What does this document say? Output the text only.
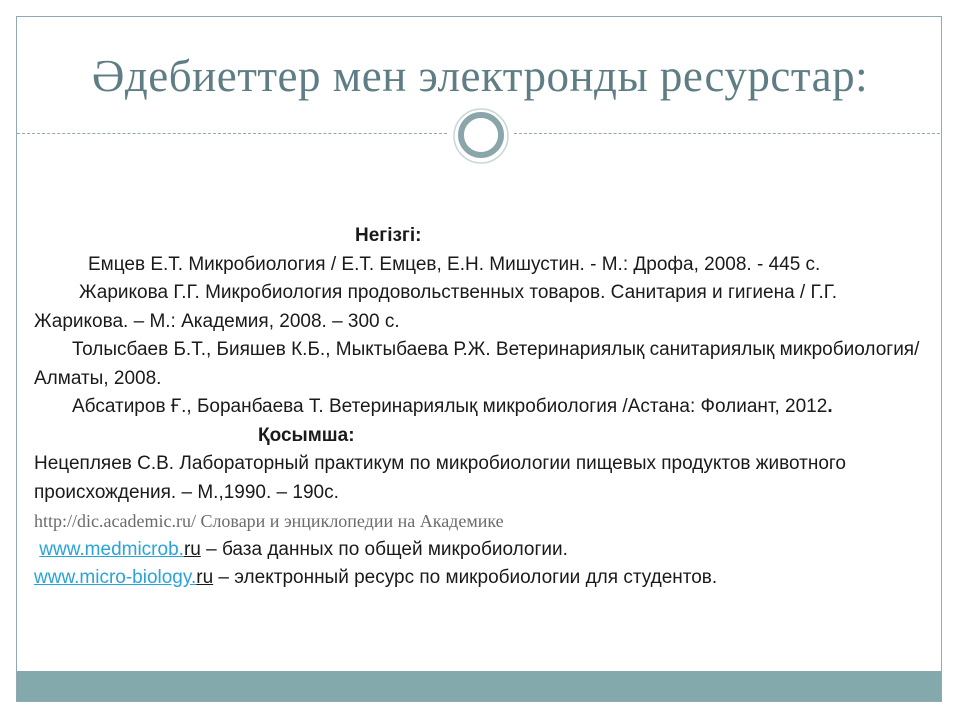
Әдебиеттер мен электронды ресурстар:

Негізгі:

Емцев Е.Т. Микробиология / Е.Т. Емцев, Е.Н. Мишустин. - М.: Дрофа, 2008. - 445 с.

Жарикова Г.Г. Микробиология продовольственных товаров. Санитария и гигиена / Г.Г. Жарикова. – М.: Академия, 2008. – 300 с.

Толысбаев Б.Т., Бияшев К.Б., Мыктыбаева Р.Ж. Ветеринариялық санитариялық микробиология/ Алматы, 2008.

Абсатиров Ғ., Боранбаева Т. Ветеринариялық микробиология /Астана: Фолиант, 2012.Қосымша:

Нецепляев С.В. Лабораторный практикум по микробиологии пищевых продуктов животного происхождения. – М.,1990. – 190с.

http://dic.academic.ru/ Словари и энциклопедии на Академике

www.medmicrob.ru – база данных по общей микробиологии.

www.micro-biology.ru – электронный ресурс по микробиологии для студентов.
